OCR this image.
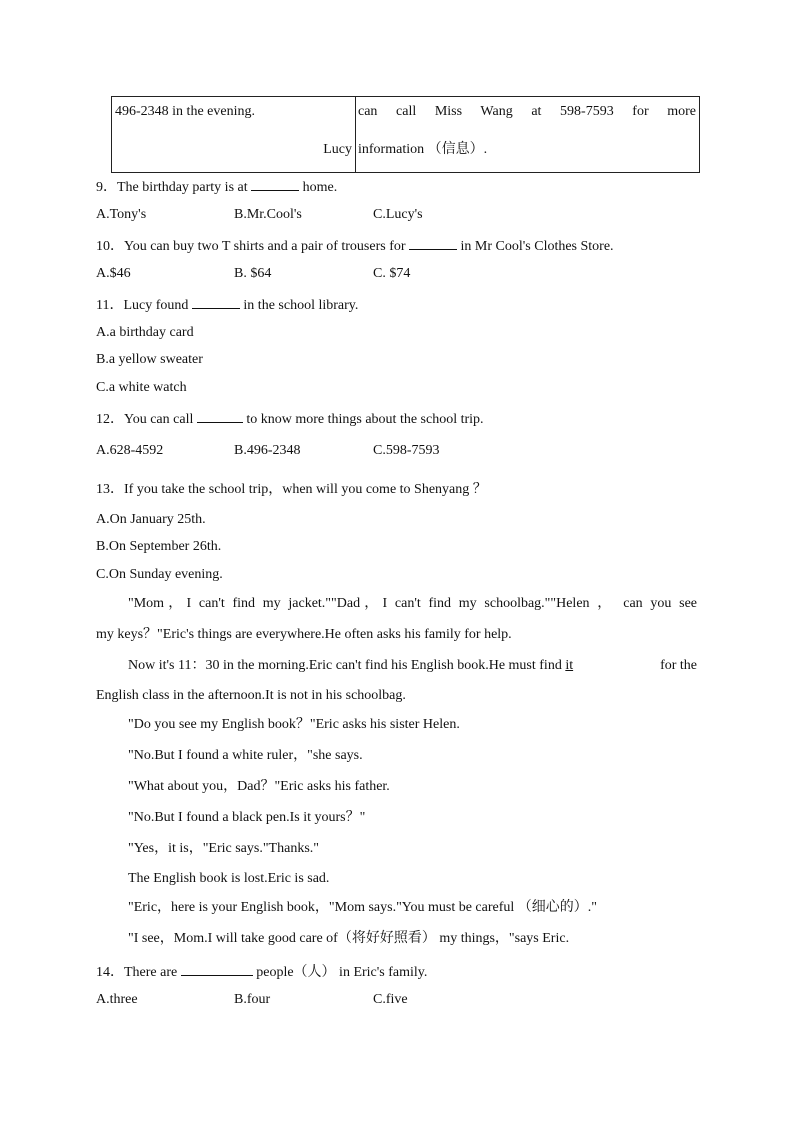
496-2348 in the evening.
Lucy

can call Miss Wang at 598-7593 for more
information （信息）.
9．The birthday party is at	home.
A.Tony's	B.Mr.Cool's	C.Lucy's
10．You can buy two T shirts and a pair of trousers for	in Mr Cool's Clothes Store.
A.$46	B. $64	C. $74
11．Lucy found	in the school library.
A.a birthday card
B.a yellow sweater
C.a white watch
12．You can call	to know more things about the school trip.
A.628-4592	B.496-2348	C.598-7593
13．If you take the school trip，when will you come to Shenyang ？
A.On January 25th.
B.On September 26th.
C.On Sunday evening.
"Mom，I can't find my jacket.""Dad，I can't find my schoolbag.""Helen ， can you see
my keys？"Eric's things are everywhere.He often asks his family for help.
Now it's 11：30 in the morning.Eric can't find his English book.He must find it	for the
English class in the afternoon.It is not in his schoolbag.
"Do you see my English book？"Eric asks his sister Helen.
"No.But I found a white ruler，"she says.
"What about you，Dad？"Eric asks his father.
"No.But I found a black pen.Is it yours？"
"Yes，it is，"Eric says."Thanks."
The English book is lost.Eric is sad.
"Eric，here is your English book，"Mom says."You must be careful （细心的）."
"I see，Mom.I will take good care of（将好好照看） my things，"says Eric.
14．There are	people（人） in Eric's family.
A.three	B.four	C.five
